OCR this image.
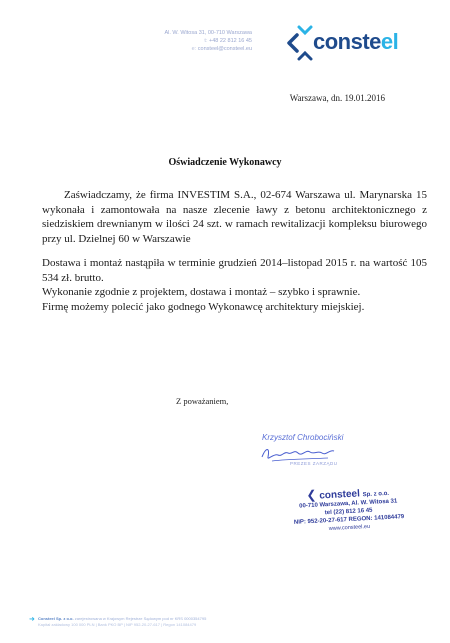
Al. W. Witosa 31, 00-710 Warszawa
t: +48 22 812 16 45
e: consteel@consteel.eu	consteel
Warszawa, dn. 19.01.2016
Oświadczenie Wykonawcy

Zaświadczamy, że firma INVESTIM S.A., 02-674 Warszawa ul. Marynarska 15 wykonała i zamontowała na nasze zlecenie ławy z betonu architektonicznego z siedziskiem drewnianym w ilości 24 szt. w ramach rewitalizacji kompleksu biurowego przy ul. Dzielnej 60 w Warszawie

Dostawa i montaż nastąpiła w terminie grudzień 2014–listopad 2015 r. na wartość 105 534 zł. brutto.

Wykonanie zgodnie z projektem, dostawa i montaż – szybko i sprawnie.

Firmę możemy polecić jako godnego Wykonawcę architektury miejskiej.

Z poważaniem,
Krzysztof Chrobociński
PREZES ZARZĄDU
❮ consteel Sp. z o.o.
00-710 Warszawa, Al. W. Witosa 31
tel (22) 812 16 45
NIP: 952-20-27-617 REGON: 141084479
www.consteel.eu
➜ Consteel Sp. z o.o. zarejestrowana w Krajowym Rejestrze Sądowym pod nr KRS 0000354795
Kapitał zakładowy 100 000 PLN | Bank PKO BP | NIP 952-20-27-617 | Regon 141084479
